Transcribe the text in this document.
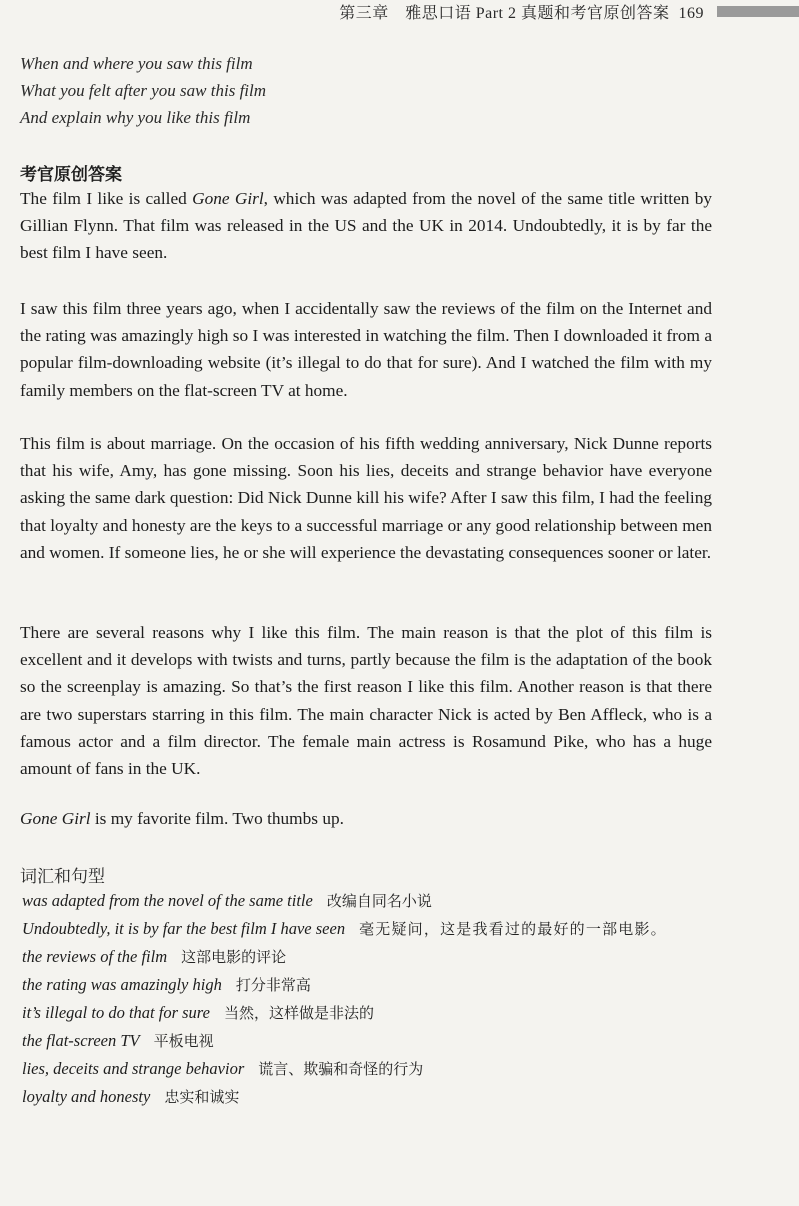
第三章　雅思口语 Part 2 真题和考官原创答案 169
When and where you saw this film
What you felt after you saw this film
And explain why you like this film
考官原创答案
The film I like is called Gone Girl, which was adapted from the novel of the same title written by Gillian Flynn. That film was released in the US and the UK in 2014. Undoubtedly, it is by far the best film I have seen.
I saw this film three years ago, when I accidentally saw the reviews of the film on the Internet and the rating was amazingly high so I was interested in watching the film. Then I downloaded it from a popular film-downloading website (it’s illegal to do that for sure). And I watched the film with my family members on the flat-screen TV at home.
This film is about marriage. On the occasion of his fifth wedding anniversary, Nick Dunne reports that his wife, Amy, has gone missing. Soon his lies, deceits and strange behavior have everyone asking the same dark question: Did Nick Dunne kill his wife? After I saw this film, I had the feeling that loyalty and honesty are the keys to a successful marriage or any good relationship between men and women. If someone lies, he or she will experience the devastating consequences sooner or later.
There are several reasons why I like this film. The main reason is that the plot of this film is excellent and it develops with twists and turns, partly because the film is the adaptation of the book so the screenplay is amazing. So that’s the first reason I like this film. Another reason is that there are two superstars starring in this film. The main character Nick is acted by Ben Affleck, who is a famous actor and a film director. The female main actress is Rosamund Pike, who has a huge amount of fans in the UK.
Gone Girl is my favorite film. Two thumbs up.
词汇和句型
was adapted from the novel of the same title 改编自同名小说
Undoubtedly, it is by far the best film I have seen 毫无疑问，这是我看过的最好的一部电影。
the reviews of the film 这部电影的评论
the rating was amazingly high 打分非常高
it’s illegal to do that for sure 当然，这样做是非法的
the flat-screen TV 平板电视
lies, deceits and strange behavior 谎言、欺骗和奇怪的行为
loyalty and honesty 忠实和诚实
